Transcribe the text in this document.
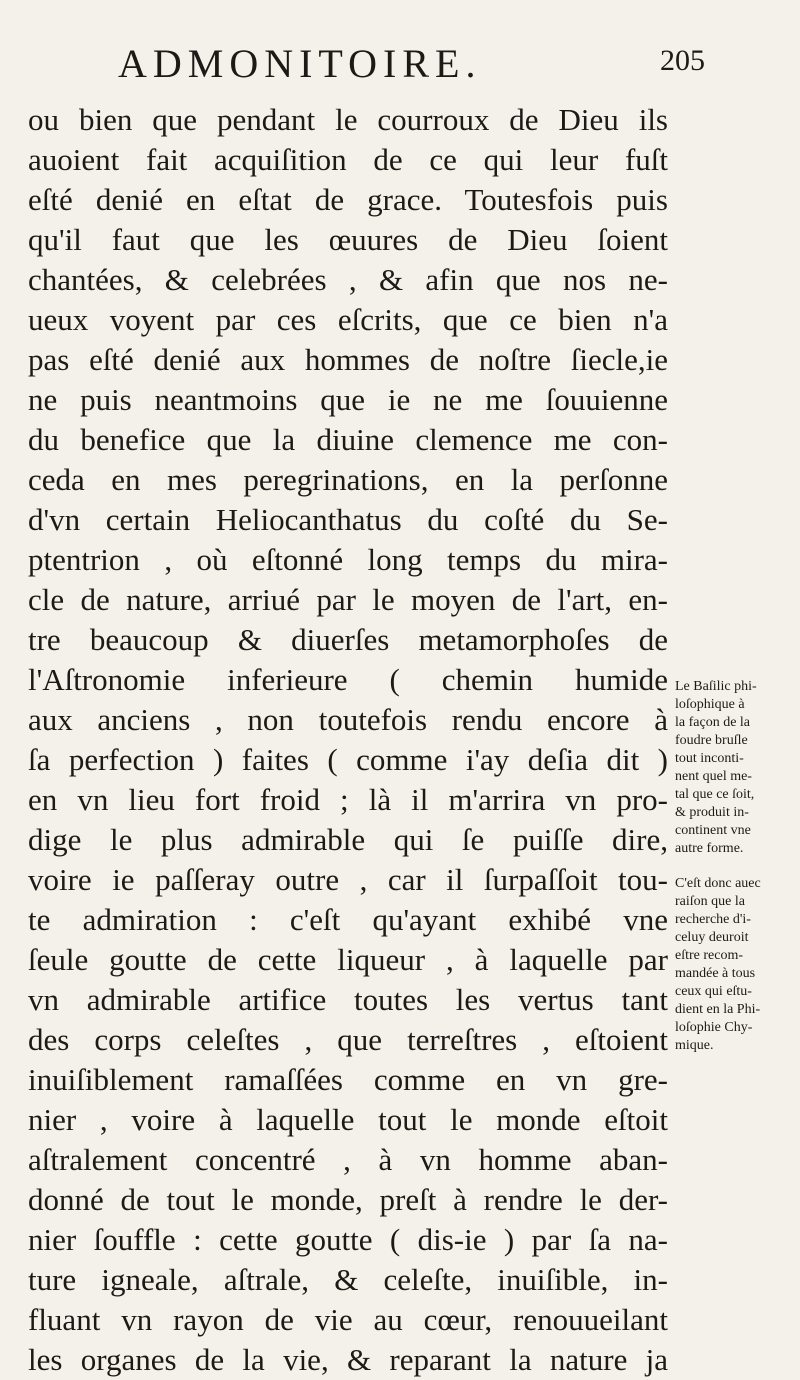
ADMONITOIRE.	205
ou bien que pendant le courroux de Dieu ils
auoient fait acquiſition de ce qui leur fuſt
eſté denié en eſtat de grace. Toutesfois puis
qu'il faut que les œuures de Dieu ſoient
chantées, & celebrées , & afin que nos ne-
ueux voyent par ces eſcrits, que ce bien n'a
pas eſté denié aux hommes de noſtre ſiecle,ie
ne puis neantmoins que ie ne me ſouuienne
du benefice que la diuine clemence me con-
ceda en mes peregrinations, en la perſonne
d'vn certain Heliocanthatus du coſté du Se-
ptentrion , où eſtonné long temps du mira-
cle de nature, arriué par le moyen de l'art, en-
tre beaucoup & diuerſes metamorphoſes de
l'Aſtronomie inferieure ( chemin humide
aux anciens , non toutefois rendu encore à
ſa perfection ) faites ( comme i'ay deſia dit )
en vn lieu fort froid ; là il m'arrira vn pro-
dige le plus admirable qui ſe puiſſe dire,
voire ie paſſeray outre , car il ſurpaſſoit tou-
te admiration : c'eſt qu'ayant exhibé vne
ſeule goutte de cette liqueur , à laquelle par
vn admirable artifice toutes les vertus tant
des corps celeſtes , que terreſtres , eſtoient
inuiſiblement ramaſſées comme en vn gre-
nier , voire à laquelle tout le monde eſtoit
aſtralement concentré , à vn homme aban-
donné de tout le monde, preſt à rendre le der-
nier ſouffle : cette goutte ( dis-ie ) par ſa na-
ture igneale, aſtrale, & celeſte, inuiſible, in-
fluant vn rayon de vie au cœur, renouueilant
les organes de la vie, & reparant la nature ja
Le Baſilic phi-
loſophique à
la façon de la
foudre bruſle
tout inconti-
nent quel me-
tal que ce ſoit,
& produit in-
continent vne
autre forme.
C'eſt donc auec
raiſon que la
recherche d'i-
celuy deuroit
eſtre recom-
mandée à tous
ceux qui eſtu-
dient en la Phi-
loſophie Chy-
mique.
